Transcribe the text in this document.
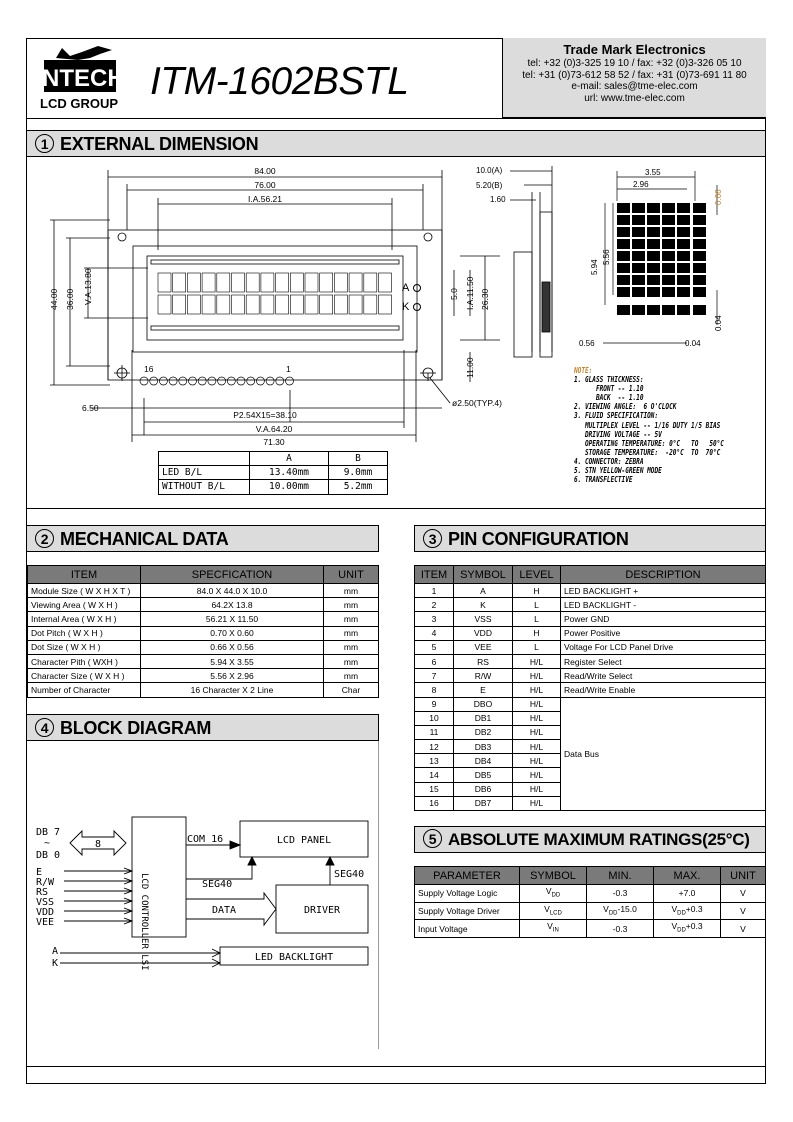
INTECH
LCD GROUP
ITM-1602BSTL
Trade Mark Electronics
tel: +32 (0)3-325 19 10 / fax: +32 (0)3-326 05 10
tel: +31 (0)73-612 58 52 / fax: +31 (0)73-691 11 80
e-mail: sales@tme-elec.com
url: www.tme-elec.com
1 EXTERNAL DIMENSION
84.00
76.00
I.A.56.21
P2.54X15=38.10
V.A.64.20
71.30
6.50	ø2.50(TYP.4)
16	1
A
K
44.00 36.00 V.A.13.80	5.0 I.A.11.50 26.30
11.00
10.0(A)
5.20(B)
1.60
3.55
2.96
0.66
5.94
5.56
0.04
0.56	0.04
	A	B
LED B/L	13.40mm	9.0mm
WITHOUT B/L	10.00mm	5.2mm
NOTE:
1. GLASS THICKNESS:
FRONT -- 1.10
BACK  -- 1.10
2. VIEWING ANGLE:  6 O'CLOCK
3. FLUID SPECIFICATION:
MULTIPLEX LEVEL -- 1/16 DUTY 1/5 BIAS
DRIVING VOLTAGE -- 5V
OPERATING TEMPERATURE: 0°C   TO   50°C
STORAGE TEMPERATURE:  -20°C  TO  70°C
4. CONNECTOR: ZEBRA
5. STN YELLOW-GREEN MODE
6. TRANSFLECTIVE
2 MECHANICAL DATA
ITEM	SPECFICATION	UNIT
Module Size ( W X H X T )	84.0 X 44.0 X 10.0	mm
Viewing Area ( W X H )	64.2X 13.8	mm
Internal Area ( W X H )	56.21 X 11.50	mm
Dot Pitch ( W X H )	0.70 X 0.60	mm
Dot Size ( W X H )	0.66 X 0.56	mm
Character Pith ( WXH )	5.94 X 3.55	mm
Character Size ( W X H )	5.56 X 2.96	mm
Number of Character	16 Character X 2 Line	Char
3 PIN CONFIGURATION
ITEM	SYMBOL	LEVEL	DESCRIPTION
1	A	H	LED BACKLIGHT +
2	K	L	LED BACKLIGHT -
3	VSS	L	Power GND
4	VDD	H	Power Positive
5	VEE	L	Voltage For LCD Panel Drive
6	RS	H/L	Register Select
7	R/W	H/L	Read/Write Select
8	E	H/L	Read/Write Enable
9	DBO	H/L	Data Bus
10	DB1	H/L	
11	DB2	H/L	
12	DB3	H/L	
13	DB4	H/L	
14	DB5	H/L	
15	DB6	H/L	
16	DB7	H/L	
4 BLOCK DIAGRAM
DB 7
~
DB 0
8
LCD CONTROLLER LSI
COM 16	LCD PANEL
SEG40
SEG40
DATA	DRIVER
A
K
LED BACKLIGHT
E
R/W
RS
VSS
VDD
VEE
5 ABSOLUTE MAXIMUM RATINGS(25°C)
PARAMETER	SYMBOL	MIN.	MAX.	UNIT
Supply Voltage Logic	$V_{DD}$	-0.3	+7.0	V
Supply Voltage Driver	$V_{LCD}$	$V_{DD}-15.0$	$V_{DD}+0.3$	V
Input Voltage	$V_{IN}$	-0.3	$V_{DD}+0.3$	V
